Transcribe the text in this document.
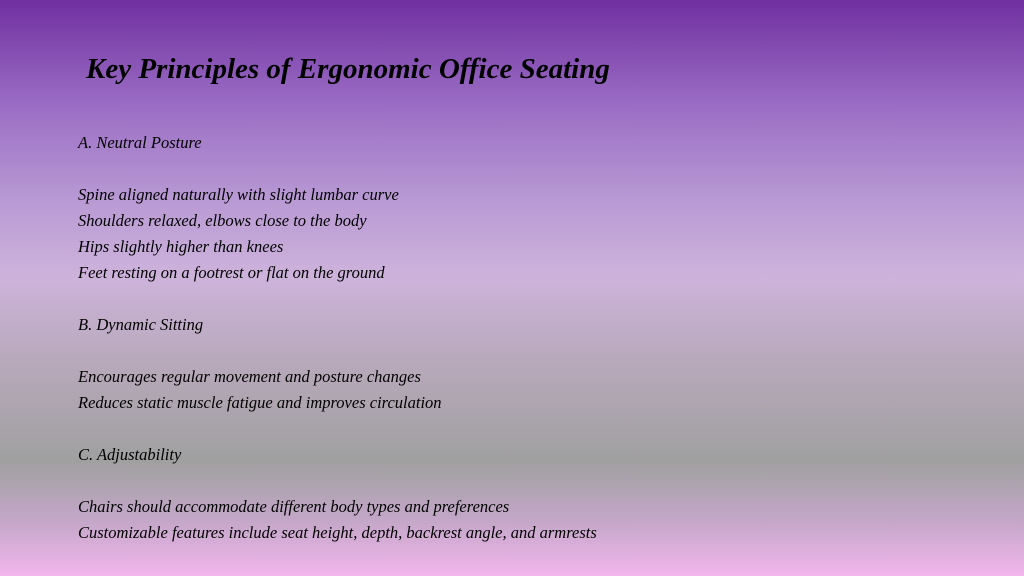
Key Principles of Ergonomic Office Seating
A. Neutral Posture
Spine aligned naturally with slight lumbar curve
Shoulders relaxed, elbows close to the body
Hips slightly higher than knees
Feet resting on a footrest or flat on the ground
B. Dynamic Sitting
Encourages regular movement and posture changes
Reduces static muscle fatigue and improves circulation
C. Adjustability
Chairs should accommodate different body types and preferences
Customizable features include seat height, depth, backrest angle, and armrests
